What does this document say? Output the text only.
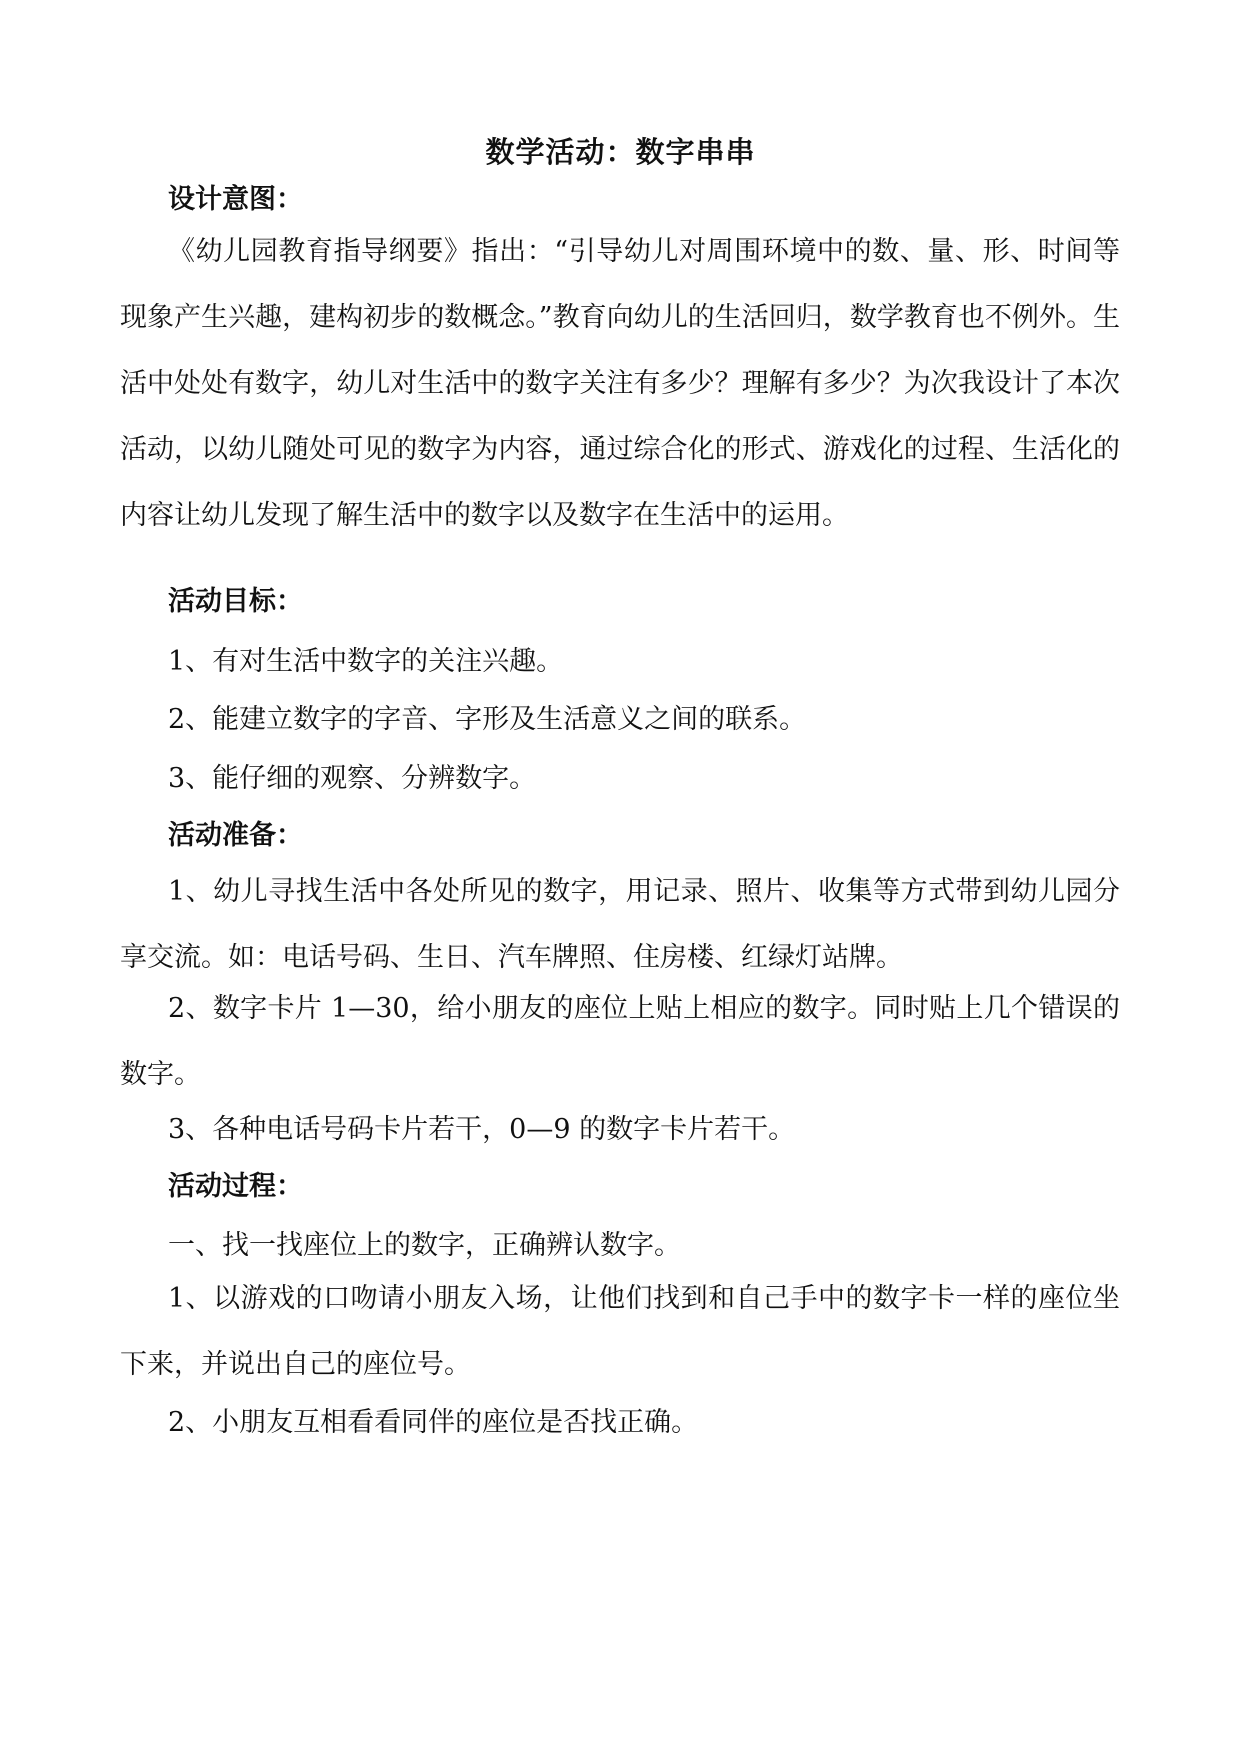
数学活动：数字串串
设计意图：

《幼儿园教育指导纲要》指出：“引导幼儿对周围环境中的数、量、形、时间等现象产生兴趣，建构初步的数概念。”教育向幼儿的生活回归，数学教育也不例外。生活中处处有数字，幼儿对生活中的数字关注有多少？理解有多少？为次我设计了本次活动，以幼儿随处可见的数字为内容，通过综合化的形式、游戏化的过程、生活化的内容让幼儿发现了解生活中的数字以及数字在生活中的运用。

活动目标：
1、有对生活中数字的关注兴趣。
2、能建立数字的字音、字形及生活意义之间的联系。
3、能仔细的观察、分辨数字。
活动准备：

1、幼儿寻找生活中各处所见的数字，用记录、照片、收集等方式带到幼儿园分享交流。如：电话号码、生日、汽车牌照、住房楼、红绿灯站牌。

2、数字卡片 1—30，给小朋友的座位上贴上相应的数字。同时贴上几个错误的数字。

3、各种电话号码卡片若干，0—9 的数字卡片若干。
活动过程：
一、找一找座位上的数字，正确辨认数字。

1、以游戏的口吻请小朋友入场，让他们找到和自己手中的数字卡一样的座位坐下来，并说出自己的座位号。

2、小朋友互相看看同伴的座位是否找正确。
